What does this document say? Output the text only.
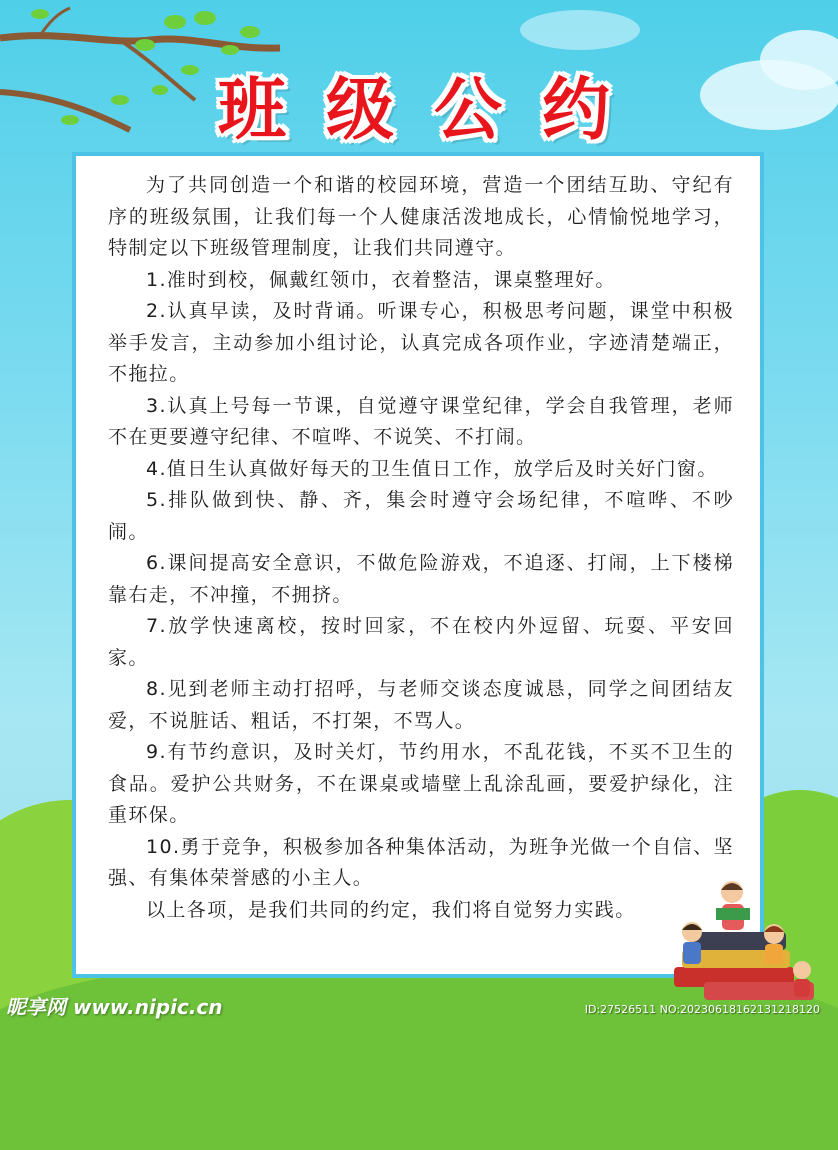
班级公约

为了共同创造一个和谐的校园环境，营造一个团结互助、守纪有序的班级氛围，让我们每一个人健康活泼地成长，心情愉悦地学习，特制定以下班级管理制度，让我们共同遵守。

1.准时到校，佩戴红领巾，衣着整洁，课桌整理好。

2.认真早读，及时背诵。听课专心，积极思考问题，课堂中积极举手发言，主动参加小组讨论，认真完成各项作业，字迹清楚端正，不拖拉。

3.认真上号每一节课，自觉遵守课堂纪律，学会自我管理，老师不在更要遵守纪律、不喧哗、不说笑、不打闹。

4.值日生认真做好每天的卫生值日工作，放学后及时关好门窗。

5.排队做到快、静、齐，集会时遵守会场纪律，不喧哗、不吵闹。

6.课间提高安全意识，不做危险游戏，不追逐、打闹，上下楼梯靠右走，不冲撞，不拥挤。

7.放学快速离校，按时回家，不在校内外逗留、玩耍、平安回家。

8.见到老师主动打招呼，与老师交谈态度诚恳，同学之间团结友爱，不说脏话、粗话，不打架，不骂人。

9.有节约意识，及时关灯，节约用水，不乱花钱，不买不卫生的食品。爱护公共财务，不在课桌或墙壁上乱涂乱画，要爱护绿化，注重环保。

10.勇于竞争，积极参加各种集体活动，为班争光做一个自信、坚强、有集体荣誉感的小主人。

以上各项，是我们共同的约定，我们将自觉努力实践。

昵享网 www.nipic.cn	ID:27526511 NO:20230618162131218120
